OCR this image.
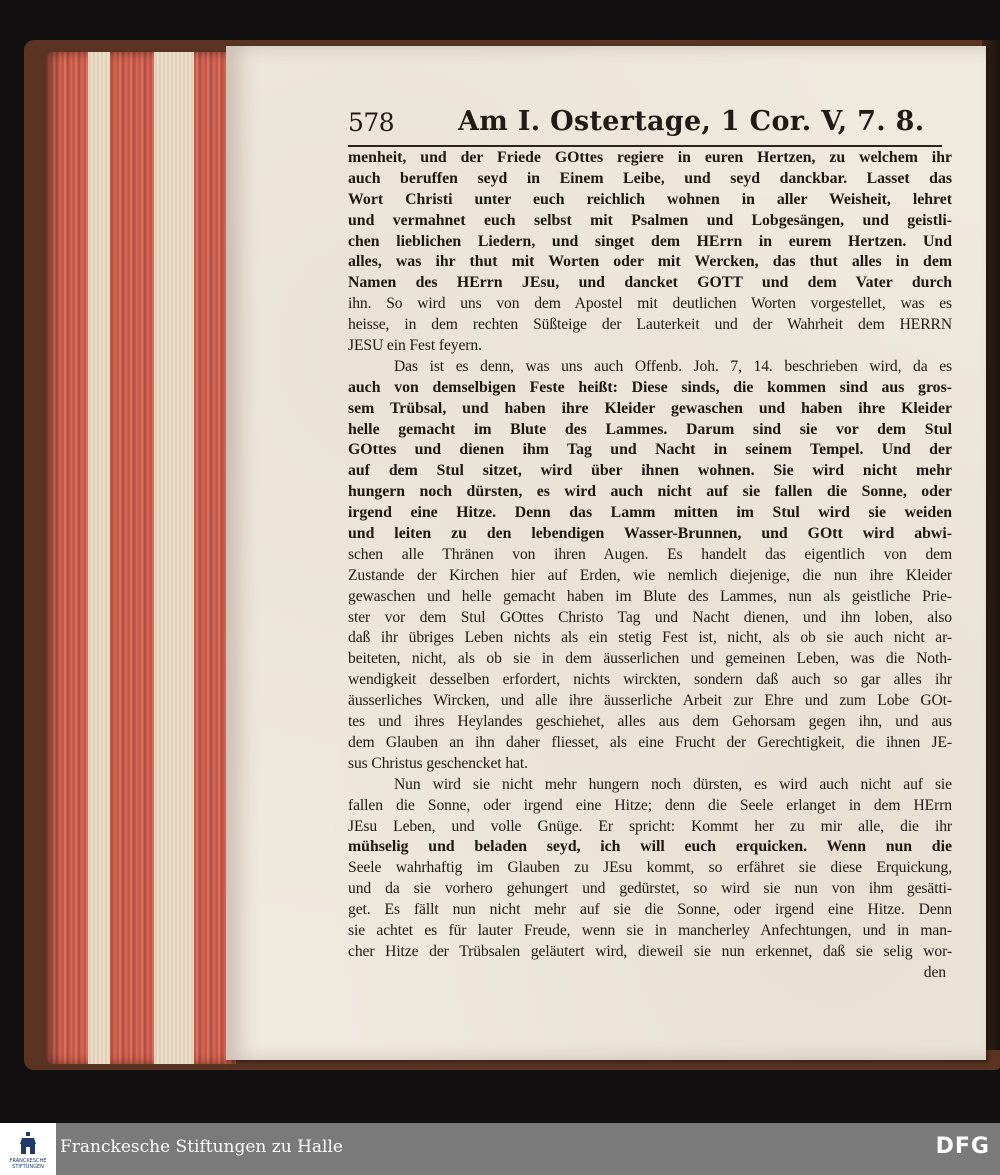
578 Am I. Ostertage, 1 Cor. V, 7. 8.
menheit, und der Friede GOttes regiere in euren Hertzen, zu welchem ihr
auch beruffen seyd in Einem Leibe, und seyd danckbar. Lasset das
Wort Christi unter euch reichlich wohnen in aller Weisheit, lehret
und vermahnet euch selbst mit Psalmen und Lobgesängen, und geistli-
chen lieblichen Liedern, und singet dem HErrn in eurem Hertzen. Und
alles, was ihr thut mit Worten oder mit Wercken, das thut alles in dem
Namen des HErrn JEsu, und dancket GOTT und dem Vater durch
ihn. So wird uns von dem Apostel mit deutlichen Worten vorgestellet, was es
heisse, in dem rechten Süßteige der Lauterkeit und der Wahrheit dem HERRN
JESU ein Fest feyern.
Das ist es denn, was uns auch Offenb. Joh. 7, 14. beschrieben wird, da es
auch von demselbigen Feste heißt: Diese sinds, die kommen sind aus gros-
sem Trübsal, und haben ihre Kleider gewaschen und haben ihre Kleider
helle gemacht im Blute des Lammes. Darum sind sie vor dem Stul
GOttes und dienen ihm Tag und Nacht in seinem Tempel. Und der
auf dem Stul sitzet, wird über ihnen wohnen. Sie wird nicht mehr
hungern noch dürsten, es wird auch nicht auf sie fallen die Sonne, oder
irgend eine Hitze. Denn das Lamm mitten im Stul wird sie weiden
und leiten zu den lebendigen Wasser-Brunnen, und GOtt wird abwi-
schen alle Thränen von ihren Augen. Es handelt das eigentlich von dem
Zustande der Kirchen hier auf Erden, wie nemlich diejenige, die nun ihre Kleider
gewaschen und helle gemacht haben im Blute des Lammes, nun als geistliche Prie-
ster vor dem Stul GOttes Christo Tag und Nacht dienen, und ihn loben, also
daß ihr übriges Leben nichts als ein stetig Fest ist, nicht, als ob sie auch nicht ar-
beiteten, nicht, als ob sie in dem äusserlichen und gemeinen Leben, was die Noth-
wendigkeit desselben erfordert, nichts wirckten, sondern daß auch so gar alles ihr
äusserliches Wircken, und alle ihre äusserliche Arbeit zur Ehre und zum Lobe GOt-
tes und ihres Heylandes geschiehet, alles aus dem Gehorsam gegen ihn, und aus
dem Glauben an ihn daher fliesset, als eine Frucht der Gerechtigkeit, die ihnen JE-
sus Christus geschencket hat.
Nun wird sie nicht mehr hungern noch dürsten, es wird auch nicht auf sie
fallen die Sonne, oder irgend eine Hitze; denn die Seele erlanget in dem HErrn
JEsu Leben, und volle Gnüge. Er spricht: Kommt her zu mir alle, die ihr
mühselig und beladen seyd, ich will euch erquicken. Wenn nun die
Seele wahrhaftig im Glauben zu JEsu kommt, so erfähret sie diese Erquickung,
und da sie vorhero gehungert und gedürstet, so wird sie nun von ihm gesätti-
get. Es fällt nun nicht mehr auf sie die Sonne, oder irgend eine Hitze. Denn
sie achtet es für lauter Freude, wenn sie in mancherley Anfechtungen, und in man-
cher Hitze der Trübsalen geläutert wird, dieweil sie nun erkennet, daß sie selig wor-
den
FRANCKESCHE
STIFTUNGEN
Franckesche Stiftungen zu Halle	DFG
